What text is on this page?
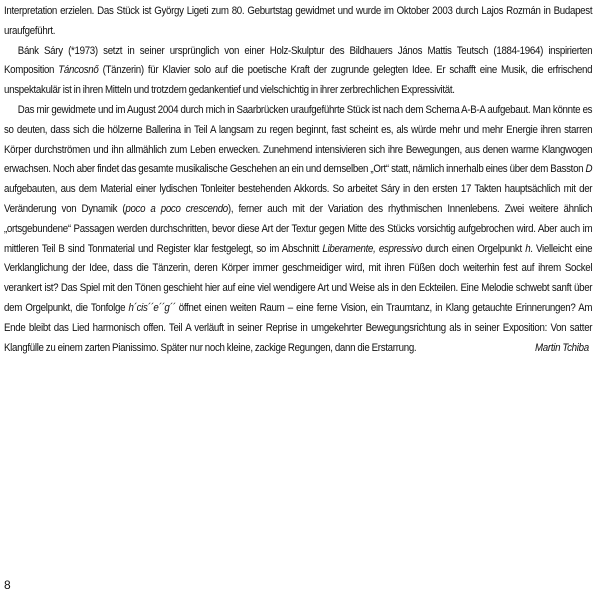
Interpretation erzielen. Das Stück ist György Ligeti zum 80. Geburtstag gewidmet und wurde im Oktober 2003 durch Lajos Rozmán in Budapest uraufgeführt.

Bánk Sáry (*1973) setzt in seiner ursprünglich von einer Holz-Skulptur des Bildhauers János Mattis Teutsch (1884-1964) inspirierten Komposition Táncosnő (Tänzerin) für Klavier solo auf die poetische Kraft der zugrunde gelegten Idee. Er schafft eine Musik, die erfrischend unspektakulär ist in ihren Mitteln und trotzdem gedankentief und vielschichtig in ihrer zerbrechlichen Expressivität.

Das mir gewidmete und im August 2004 durch mich in Saarbrücken uraufgeführte Stück ist nach dem Schema A-B-A aufgebaut. Man könnte es so deuten, dass sich die hölzerne Ballerina in Teil A langsam zu regen beginnt, fast scheint es, als würde mehr und mehr Energie ihren starren Körper durchströmen und ihn allmählich zum Leben erwecken. Zunehmend intensivieren sich ihre Bewegungen, aus denen warme Klangwogen erwachsen. Noch aber findet das gesamte musikalische Geschehen an ein und demselben „Ort“ statt, nämlich innerhalb eines über dem Basston D aufgebauten, aus dem Material einer lydischen Tonleiter bestehenden Akkords. So arbeitet Sáry in den ersten 17 Takten hauptsächlich mit der Veränderung von Dynamik (poco a poco crescendo), ferner auch mit der Variation des rhythmischen Innenlebens. Zwei weitere ähnlich „ortsgebundene“ Passagen werden durchschritten, bevor diese Art der Textur gegen Mitte des Stücks vorsichtig aufgebrochen wird. Aber auch im mittleren Teil B sind Tonmaterial und Register klar festgelegt, so im Abschnitt Liberamente, espressivo durch einen Orgelpunkt h. Vielleicht eine Verklanglichung der Idee, dass die Tänzerin, deren Körper immer geschmeidiger wird, mit ihren Füßen doch weiterhin fest auf ihrem Sockel verankert ist? Das Spiel mit den Tönen geschieht hier auf eine viel wendigere Art und Weise als in den Eckteilen. Eine Melodie schwebt sanft über dem Orgelpunkt, die Tonfolge h´cis´´e´´g´´ öffnet einen weiten Raum – eine ferne Vision, ein Traumtanz, in Klang getauchte Erinnerungen? Am Ende bleibt das Lied harmonisch offen. Teil A verläuft in seiner Reprise in umgekehrter Bewegungsrichtung als in seiner Exposition: Von satter Klangfülle zu einem zarten Pianissimo. Später nur noch kleine, zackige Regungen, dann die Erstarrung.	Martin Tchiba

8
